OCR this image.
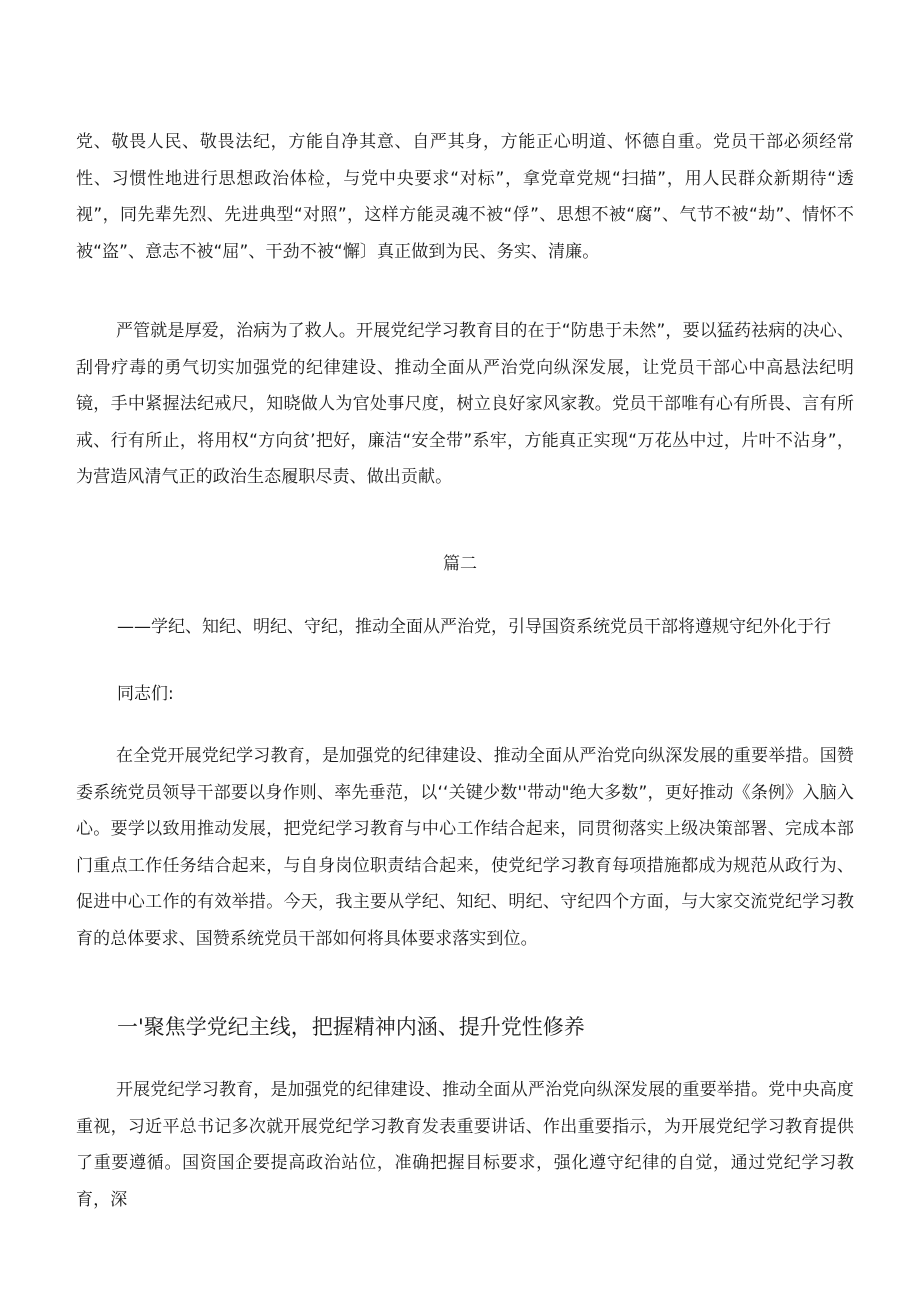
党、敬畏人民、敬畏法纪，方能自净其意、自严其身，方能正心明道、怀德自重。党员干部必须经常性、习惯性地进行思想政治体检，与党中央要求“对标”，拿党章党规“扫描”，用人民群众新期待“透视”，同先辈先烈、先进典型“对照”，这样方能灵魂不被“俘”、思想不被“腐”、气节不被“劫”、情怀不被“盗”、意志不被“屈”、干劲不被“懈〕真正做到为民、务实、清廉。

严管就是厚爱，治病为了救人。开展党纪学习教育目的在于“防患于未然”，要以猛药祛病的决心、刮骨疗毒的勇气切实加强党的纪律建设、推动全面从严治党向纵深发展，让党员干部心中高悬法纪明镜，手中紧握法纪戒尺，知晓做人为官处事尺度，树立良好家风家教。党员干部唯有心有所畏、言有所戒、行有所止，将用权“方向贫’把好，廉洁“安全带”系牢，方能真正实现“万花丛中过，片叶不沾身”，为营造风清气正的政治生态履职尽责、做出贡献。

篇二

——学纪、知纪、明纪、守纪，推动全面从严治党，引导国资系统党员干部将遵规守纪外化于行

同志们:

在全党开展党纪学习教育，是加强党的纪律建设、推动全面从严治党向纵深发展的重要举措。国赞委系统党员领导干部要以身作则、率先垂范，以‘‘关键少数''带动"绝大多数”，更好推动《条例》入脑入心。要学以致用推动发展，把党纪学习教育与中心工作结合起来，同贯彻落实上级决策部署、完成本部门重点工作任务结合起来，与自身岗位职责结合起来，使党纪学习教育每项措施都成为规范从政行为、促进中心工作的有效举措。今天，我主要从学纪、知纪、明纪、守纪四个方面，与大家交流党纪学习教育的总体要求、国赞系统党员干部如何将具体要求落实到位。

一'聚焦学党纪主线，把握精神内涵、提升党性修养

开展党纪学习教育，是加强党的纪律建设、推动全面从严治党向纵深发展的重要举措。党中央高度重视，习近平总书记多次就开展党纪学习教育发表重要讲话、作出重要指示，为开展党纪学习教育提供了重要遵循。国资国企要提高政治站位，准确把握目标要求，强化遵守纪律的自觉，通过党纪学习教育，深
